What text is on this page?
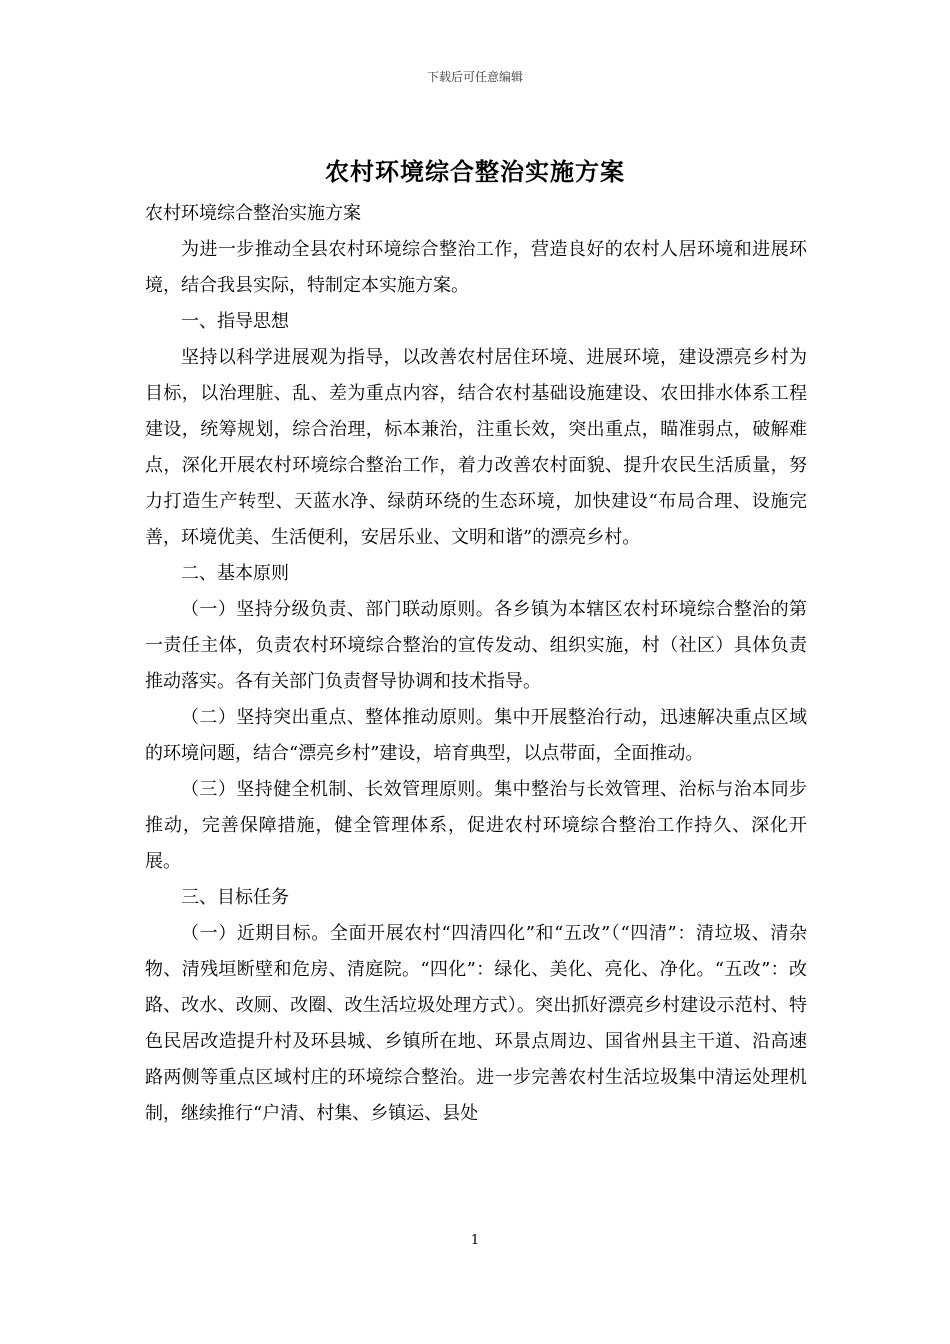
下载后可任意编辑
农村环境综合整治实施方案

农村环境综合整治实施方案

为进一步推动全县农村环境综合整治工作，营造良好的农村人居环境和进展环境，结合我县实际，特制定本实施方案。

一、指导思想

坚持以科学进展观为指导，以改善农村居住环境、进展环境，建设漂亮乡村为目标，以治理脏、乱、差为重点内容，结合农村基础设施建设、农田排水体系工程建设，统筹规划，综合治理，标本兼治，注重长效，突出重点，瞄准弱点，破解难点，深化开展农村环境综合整治工作，着力改善农村面貌、提升农民生活质量，努力打造生产转型、天蓝水净、绿荫环绕的生态环境，加快建设“布局合理、设施完善，环境优美、生活便利，安居乐业、文明和谐”的漂亮乡村。

二、基本原则

（一）坚持分级负责、部门联动原则。各乡镇为本辖区农村环境综合整治的第一责任主体，负责农村环境综合整治的宣传发动、组织实施，村（社区）具体负责推动落实。各有关部门负责督导协调和技术指导。

（二）坚持突出重点、整体推动原则。集中开展整治行动，迅速解决重点区域的环境问题，结合“漂亮乡村”建设，培育典型，以点带面，全面推动。

（三）坚持健全机制、长效管理原则。集中整治与长效管理、治标与治本同步推动，完善保障措施，健全管理体系，促进农村环境综合整治工作持久、深化开展。

三、目标任务

（一）近期目标。全面开展农村“四清四化”和“五改”（“四清”：清垃圾、清杂物、清残垣断壁和危房、清庭院。“四化”：绿化、美化、亮化、净化。“五改”：改路、改水、改厕、改圈、改生活垃圾处理方式）。突出抓好漂亮乡村建设示范村、特色民居改造提升村及环县城、乡镇所在地、环景点周边、国省州县主干道、沿高速路两侧等重点区域村庄的环境综合整治。进一步完善农村生活垃圾集中清运处理机制，继续推行“户清、村集、乡镇运、县处

1
